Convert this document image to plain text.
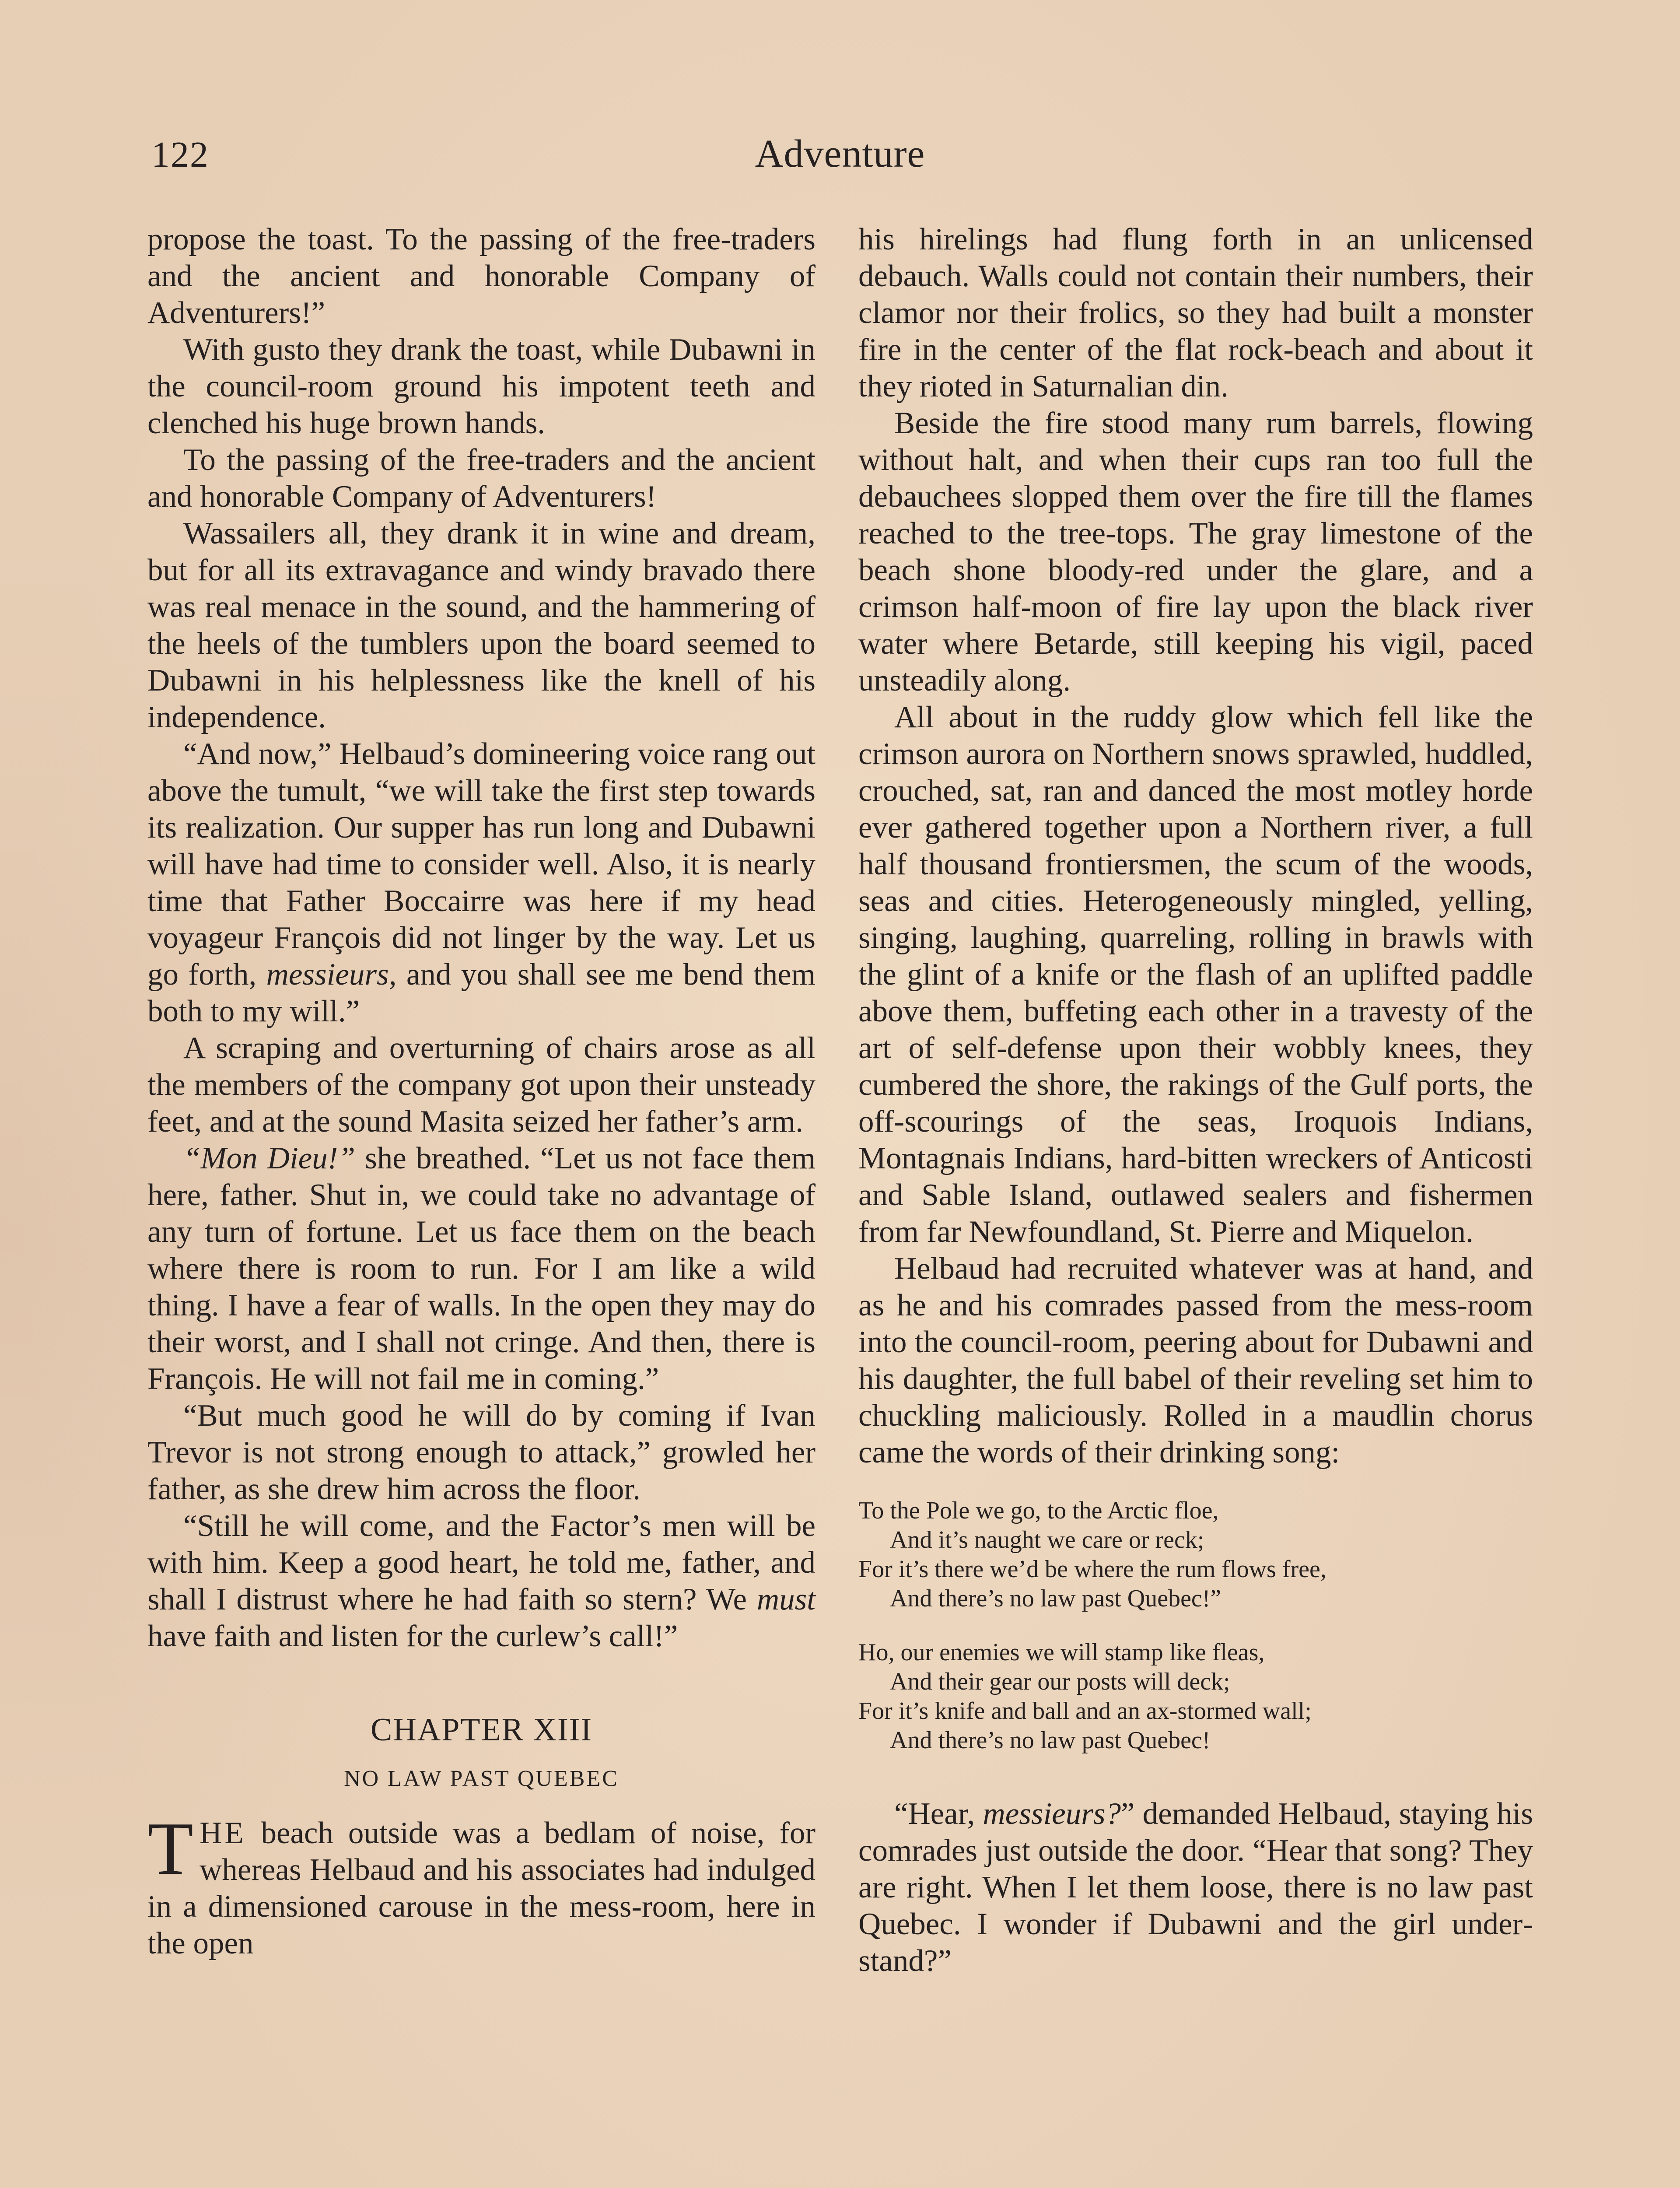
122	Adventure

propose the toast. To the passing of the free-traders and the ancient and honorable Company of Adventurers!”

With gusto they drank the toast, while Dubawni in the council-room ground his impotent teeth and clenched his huge brown hands.

To the passing of the free-traders and the ancient and honorable Company of Adventurers!

Wassailers all, they drank it in wine and dream, but for all its extravagance and windy bravado there was real menace in the sound, and the hammering of the heels of the tumblers upon the board seemed to Dubawni in his helplessness like the knell of his independence.

“And now,” Helbaud’s domineering voice rang out above the tumult, “we will take the first step towards its realization. Our supper has run long and Dubawni will have had time to consider well. Also, it is nearly time that Father Boccairre was here if my head voyageur François did not linger by the way. Let us go forth, messieurs, and you shall see me bend them both to my will.”

A scraping and overturning of chairs arose as all the members of the company got upon their unsteady feet, and at the sound Masita seized her father’s arm.

“Mon Dieu!” she breathed. “Let us not face them here, father. Shut in, we could take no advantage of any turn of fortune. Let us face them on the beach where there is room to run. For I am like a wild thing. I have a fear of walls. In the open they may do their worst, and I shall not cringe. And then, there is François. He will not fail me in coming.”

“But much good he will do by coming if Ivan Trevor is not strong enough to attack,” growled her father, as she drew him across the floor.

“Still he will come, and the Factor’s men will be with him. Keep a good heart, he told me, father, and shall I distrust where he had faith so stern? We must have faith and listen for the curlew’s call!”

CHAPTER XIII

NO LAW PAST QUEBEC

THE beach outside was a bedlam of noise, for whereas Helbaud and his associates had indulged in a dimensioned carouse in the mess-room, here in the open

his hirelings had flung forth in an unlicensed debauch. Walls could not contain their numbers, their clamor nor their frolics, so they had built a monster fire in the center of the flat rock-beach and about it they rioted in Saturnalian din.

Beside the fire stood many rum barrels, flowing without halt, and when their cups ran too full the debauchees slopped them over the fire till the flames reached to the tree-tops. The gray limestone of the beach shone bloody-red under the glare, and a crimson half-moon of fire lay upon the black river water where Betarde, still keeping his vigil, paced unsteadily along.

All about in the ruddy glow which fell like the crimson aurora on Northern snows sprawled, huddled, crouched, sat, ran and danced the most motley horde ever gathered together upon a Northern river, a full half thousand frontiersmen, the scum of the woods, seas and cities. Heterogeneously mingled, yelling, singing, laughing, quarreling, rolling in brawls with the glint of a knife or the flash of an uplifted paddle above them, buffeting each other in a travesty of the art of self-defense upon their wobbly knees, they cumbered the shore, the rakings of the Gulf ports, the off-scourings of the seas, Iroquois Indians, Montagnais Indians, hard-bitten wreckers of Anticosti and Sable Island, outlawed sealers and fishermen from far Newfoundland, St. Pierre and Miquelon.

Helbaud had recruited whatever was at hand, and as he and his comrades passed from the mess-room into the council-room, peering about for Dubawni and his daughter, the full babel of their reveling set him to chuckling maliciously. Rolled in a maudlin chorus came the words of their drinking song:

To the Pole we go, to the Arctic floe,
And it’s naught we care or reck;
For it’s there we’d be where the rum flows free,
And there’s no law past Quebec!”
Ho, our enemies we will stamp like fleas,
And their gear our posts will deck;
For it’s knife and ball and an ax-stormed wall;
And there’s no law past Quebec!

“Hear, messieurs?” demanded Helbaud, staying his comrades just outside the door. “Hear that song? They are right. When I let them loose, there is no law past Quebec. I wonder if Dubawni and the girl understand?”
